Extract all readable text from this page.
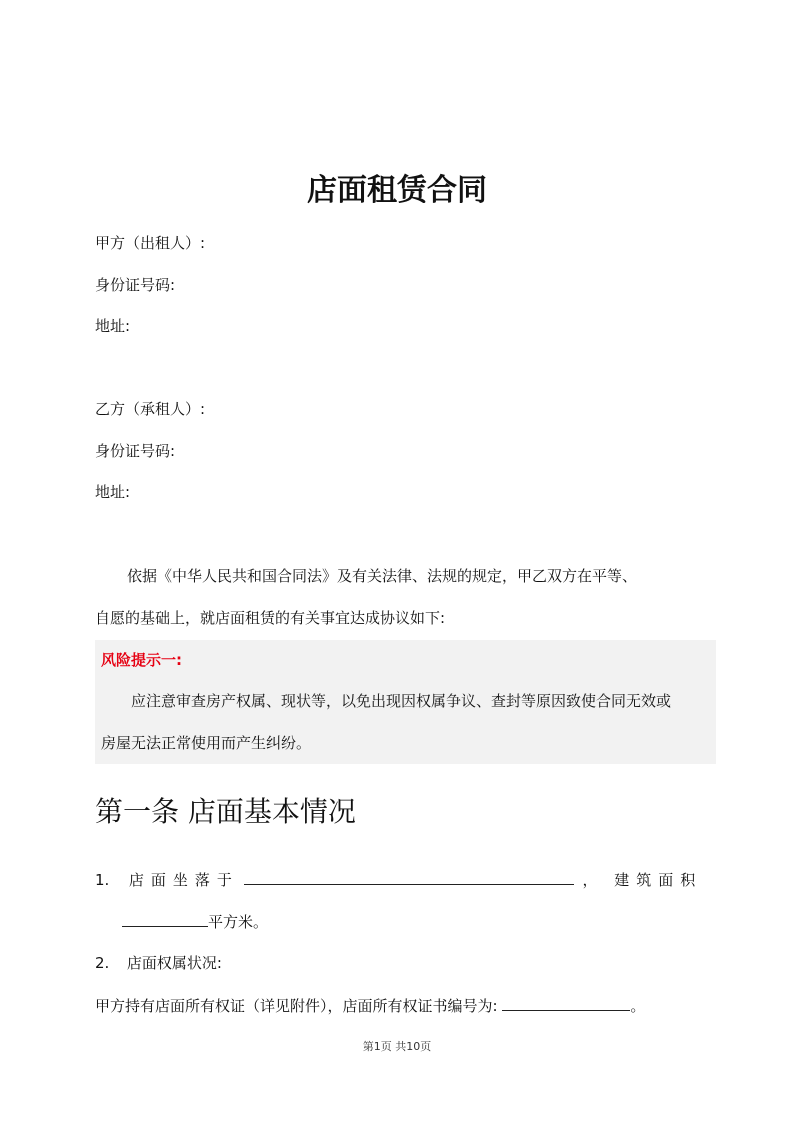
店面租赁合同
甲方（出租人）:
身份证号码:
地址:
乙方（承租人）:
身份证号码:
地址:
依据《中华人民共和国合同法》及有关法律、法规的规定，甲乙双方在平等、
自愿的基础上，就店面租赁的有关事宜达成协议如下:
风险提示一:
应注意审查房产权属、现状等，以免出现因权属争议、查封等原因致使合同无效或
房屋无法正常使用而产生纠纷。
第一条 店面基本情况
1. 店面坐落于	， 建筑面积
平方米。
2. 店面权属状况:
甲方持有店面所有权证（详见附件），店面所有权证书编号为:	。
第1页 共10页
